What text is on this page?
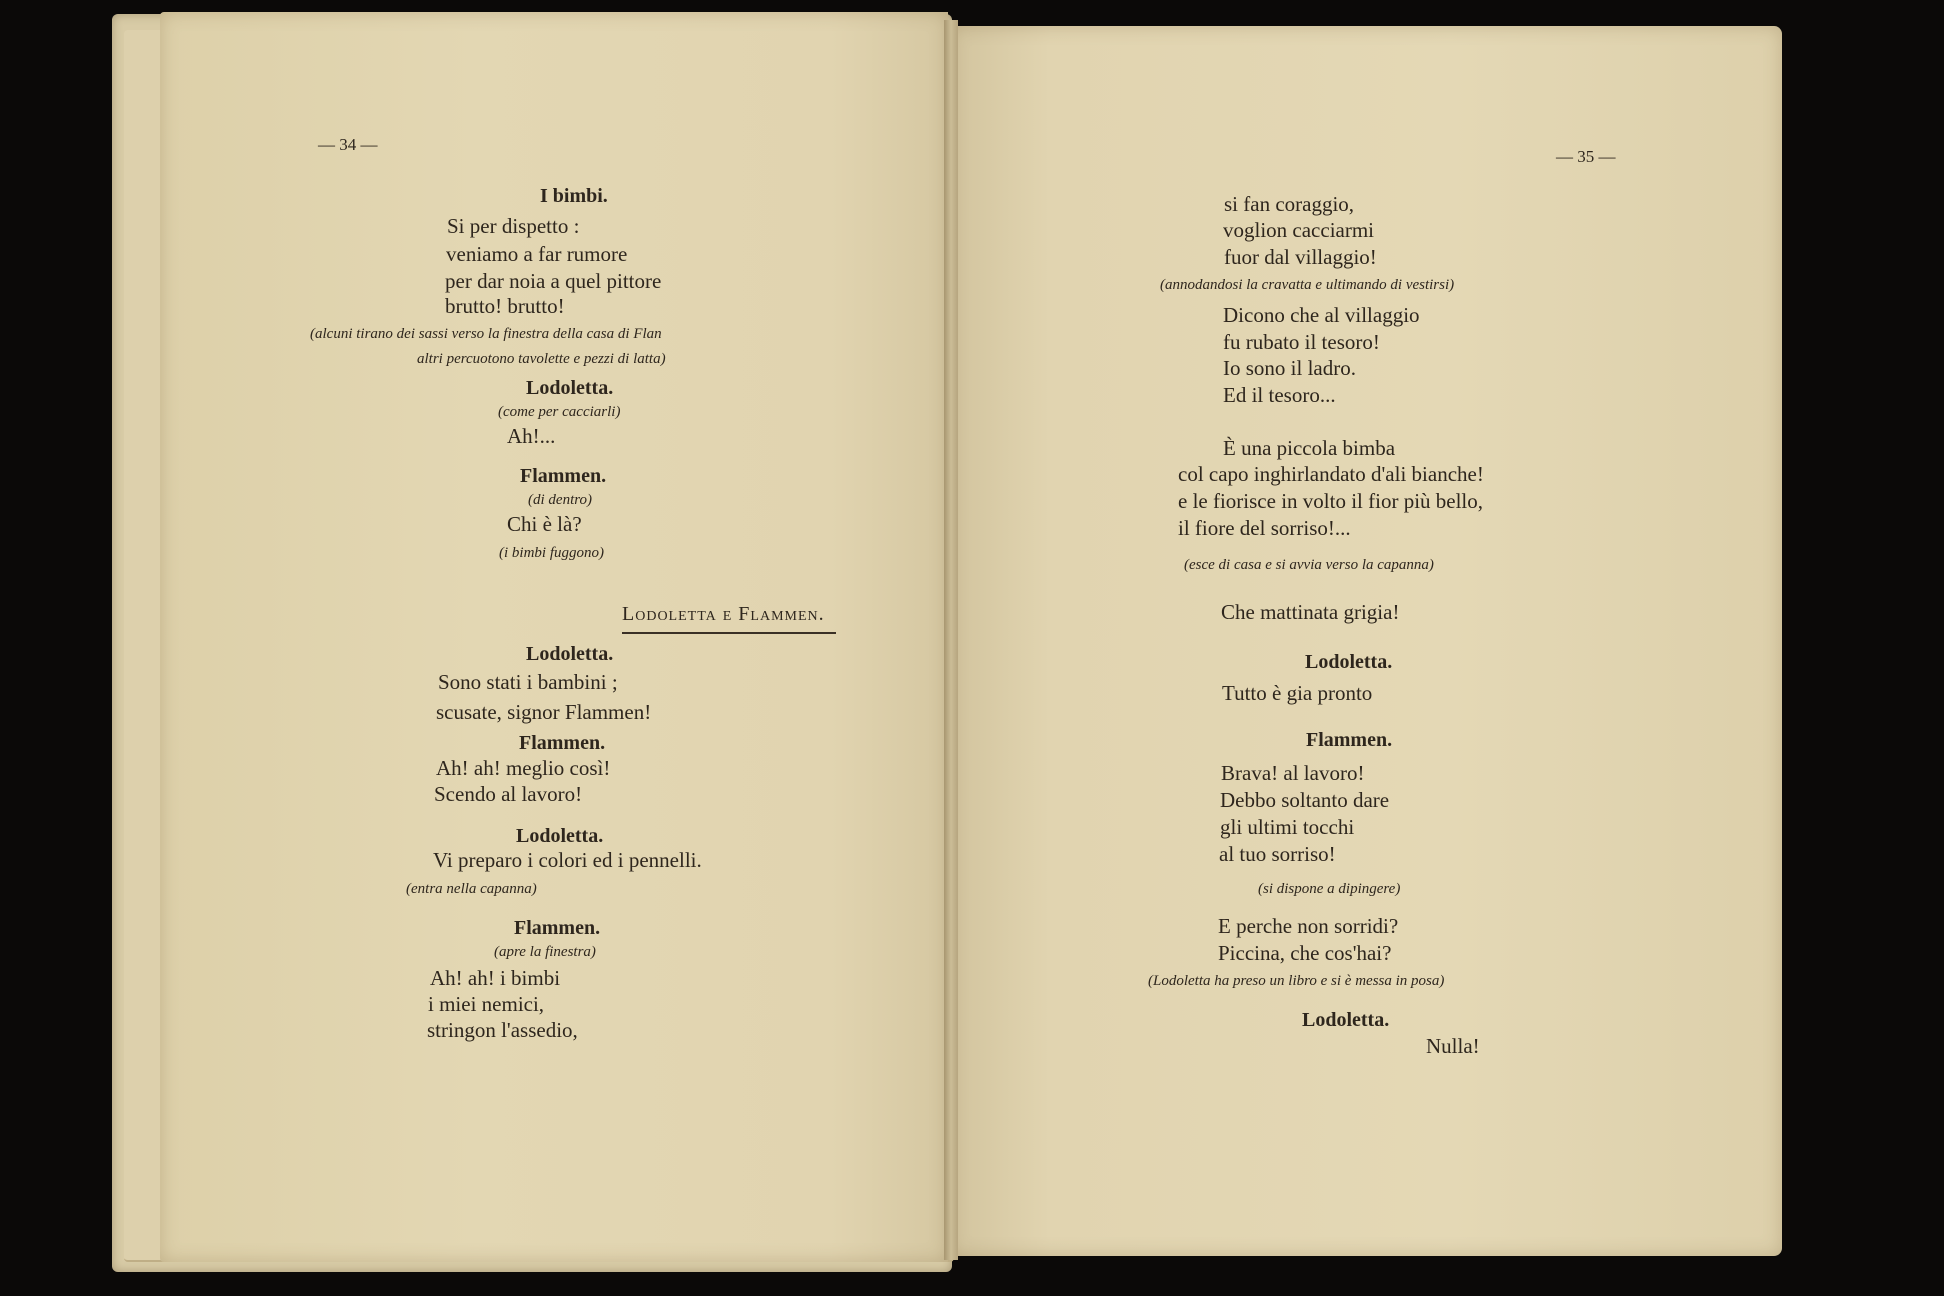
— 34 —
I bimbi.
Si per dispetto :
veniamo a far rumore
per dar noia a quel pittore
brutto! brutto!
(alcuni tirano dei sassi verso la finestra della casa di Flan
altri percuotono tavolette e pezzi di latta)
Lodoletta.
(come per cacciarli)
Ah!...
Flammen.
(di dentro)
Chi è là?
(i bimbi fuggono)
Lodoletta e Flammen.
Lodoletta.
Sono stati i bambini ;
scusate, signor Flammen!
Flammen.
Ah! ah! meglio così!
Scendo al lavoro!
Lodoletta.
Vi preparo i colori ed i pennelli.
(entra nella capanna)
Flammen.
(apre la finestra)
Ah! ah! i bimbi
i miei nemici,
stringon l'assedio,
— 35 —
si fan coraggio,
voglion cacciarmi
fuor dal villaggio!
(annodandosi la cravatta e ultimando di vestirsi)
Dicono che al villaggio
fu rubato il tesoro!
Io sono il ladro.
Ed il tesoro...
È una piccola bimba
col capo inghirlandato d'ali bianche!
e le fiorisce in volto il fior più bello,
il fiore del sorriso!...
(esce di casa e si avvia verso la capanna)
Che mattinata grigia!
Lodoletta.
Tutto è gia pronto
Flammen.
Brava! al lavoro!
Debbo soltanto dare
gli ultimi tocchi
al tuo sorriso!
(si dispone a dipingere)
E perche non sorridi?
Piccina, che cos'hai?
(Lodoletta ha preso un libro e si è messa in posa)
Lodoletta.
Nulla!
